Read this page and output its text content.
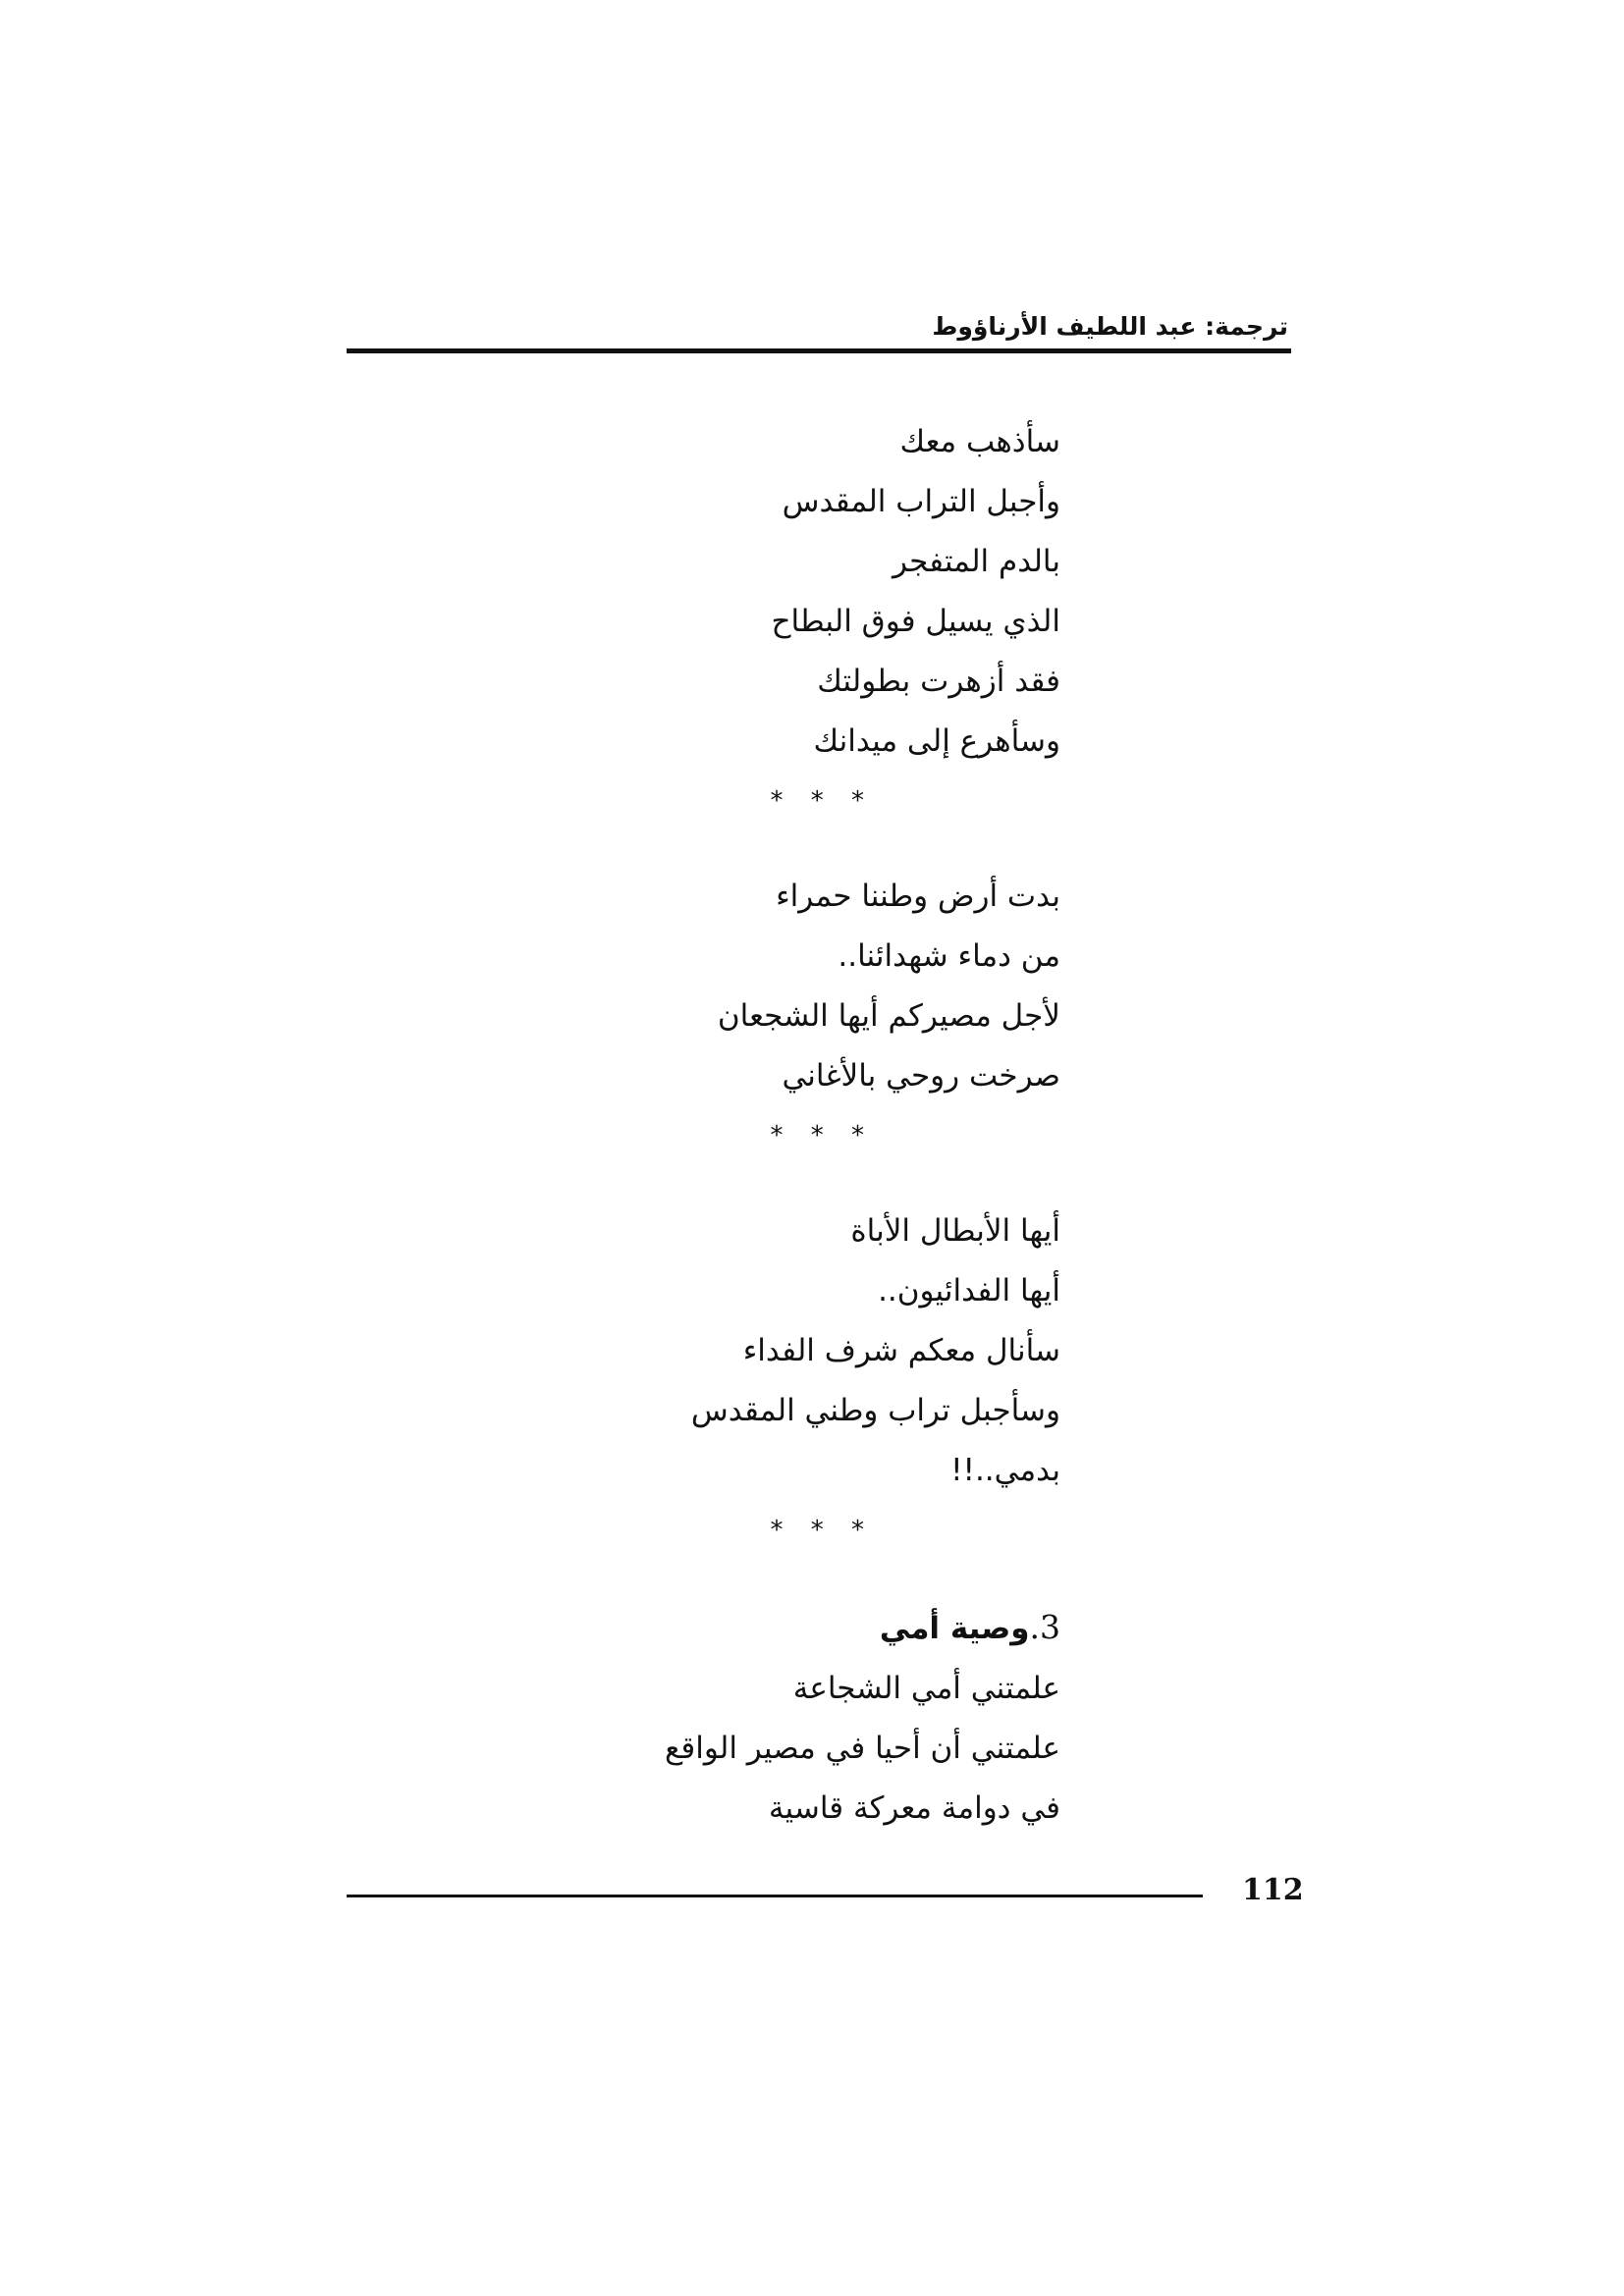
ترجمة: عبد اللطيف الأرناؤوط
سأذهب معك
وأجبل التراب المقدس
بالدم المتفجر
الذي يسيل فوق البطاح
فقد أزهرت بطولتك
وسأهرع إلى ميدانك
* * *
بدت أرض وطننا حمراء
من دماء شهدائنا..
لأجل مصيركم أيها الشجعان
صرخت روحي بالأغاني
* * *
أيها الأبطال الأباة
أيها الفدائيون..
سأنال معكم شرف الفداء
وسأجبل تراب وطني المقدس
بدمي..!!
* * *
3.وصية أمي
علمتني أمي الشجاعة
علمتني أن أحيا في مصير الواقع
في دوامة معركة قاسية
112
